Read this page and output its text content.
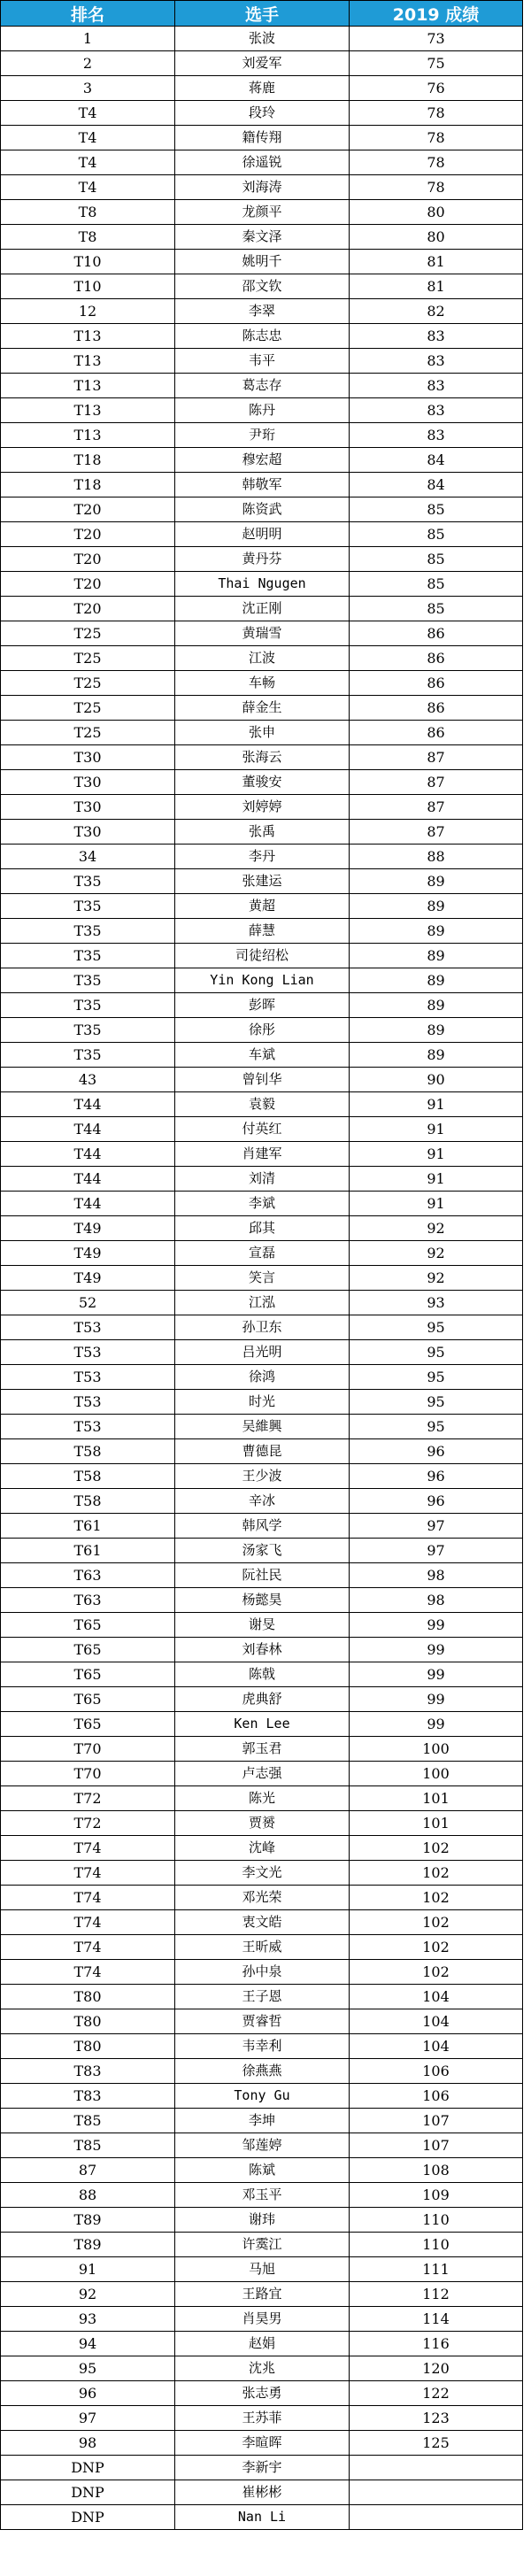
排名	选手	2019 成绩
1	张波	73
2	刘爱军	75
3	蒋鹿	76
T4	段玲	78
T4	籍传翔	78
T4	徐遥锐	78
T4	刘海涛	78
T8	龙颜平	80
T8	秦文泽	80
T10	姚明千	81
T10	邵文钦	81
12	李翠	82
T13	陈志忠	83
T13	韦平	83
T13	葛志存	83
T13	陈丹	83
T13	尹珩	83
T18	穆宏超	84
T18	韩敬军	84
T20	陈资武	85
T20	赵明明	85
T20	黄丹芬	85
T20	Thai Ngugen	85
T20	沈正刚	85
T25	黄瑞雪	86
T25	江波	86
T25	车畅	86
T25	薛金生	86
T25	张申	86
T30	张海云	87
T30	董骏安	87
T30	刘婷婷	87
T30	张禹	87
34	李丹	88
T35	张建运	89
T35	黄超	89
T35	薛慧	89
T35	司徒绍松	89
T35	Yin Kong Lian	89
T35	彭晖	89
T35	徐彤	89
T35	车斌	89
43	曾钊华	90
T44	袁毅	91
T44	付英红	91
T44	肖建军	91
T44	刘清	91
T44	李斌	91
T49	邱其	92
T49	宣磊	92
T49	笑言	92
52	江泓	93
T53	孙卫东	95
T53	吕光明	95
T53	徐鸿	95
T53	时光	95
T53	吴維興	95
T58	曹德昆	96
T58	王少波	96
T58	辛冰	96
T61	韩风学	97
T61	汤家飞	97
T63	阮社民	98
T63	杨懿昊	98
T65	谢旻	99
T65	刘春林	99
T65	陈戟	99
T65	虎典舒	99
T65	Ken Lee	99
T70	郭玉君	100
T70	卢志强	100
T72	陈光	101
T72	贾赟	101
T74	沈峰	102
T74	李文光	102
T74	邓光荣	102
T74	衷文皓	102
T74	王昕威	102
T74	孙中泉	102
T80	王子恩	104
T80	贾睿哲	104
T80	韦幸利	104
T83	徐燕燕	106
T83	Tony Gu	106
T85	李坤	107
T85	邹莲婷	107
87	陈斌	108
88	邓玉平	109
T89	谢玮	110
T89	许霙江	110
91	马旭	111
92	王路宜	112
93	肖昊男	114
94	赵娟	116
95	沈兆	120
96	张志勇	122
97	王苏菲	123
98	李暄晖	125
DNP	李新宇	
DNP	崔彬彬	
DNP	Nan Li	
